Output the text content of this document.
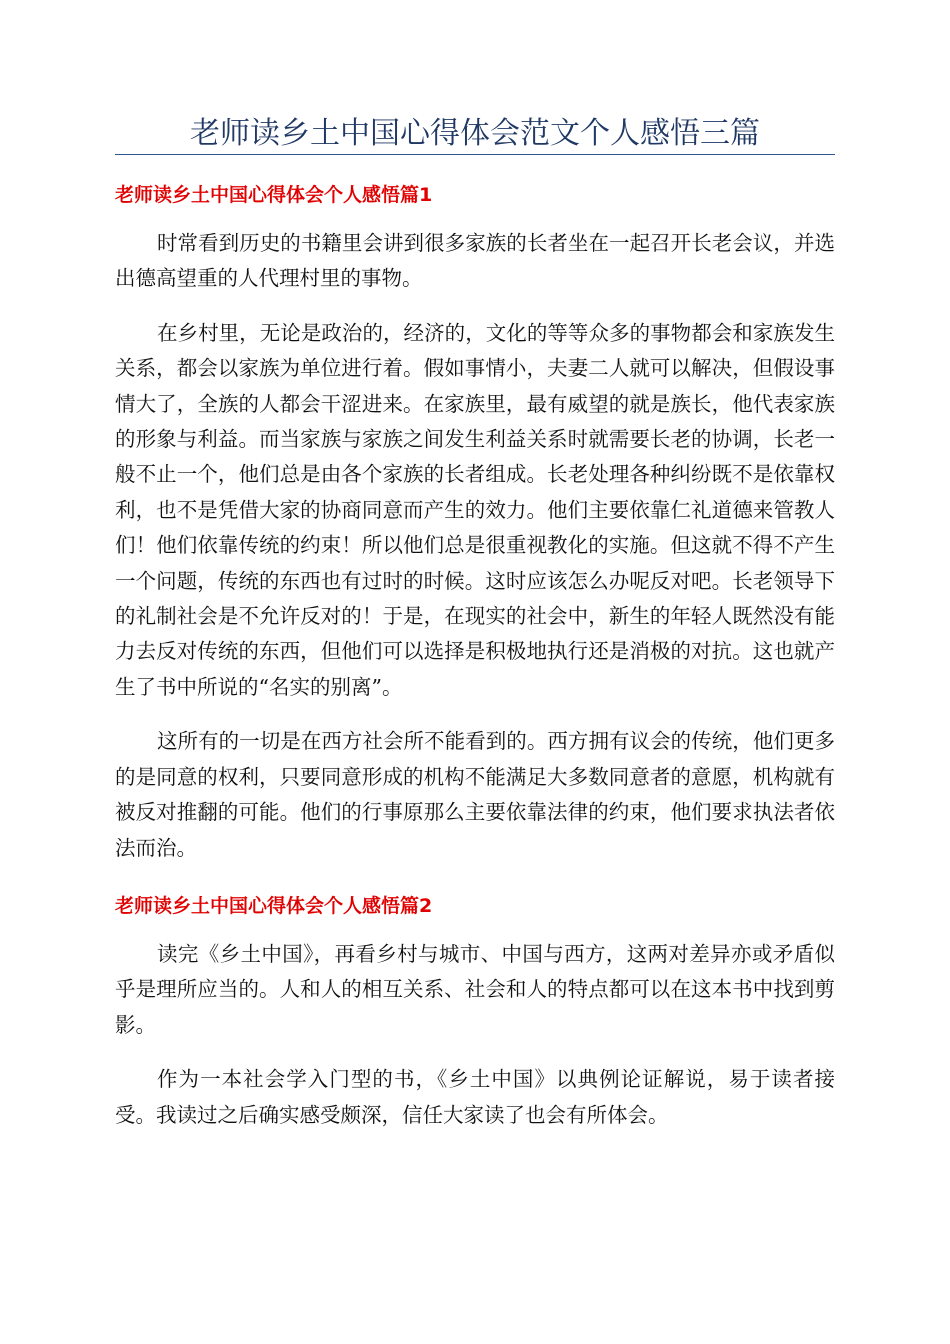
老师读乡土中国心得体会范文个人感悟三篇
老师读乡土中国心得体会个人感悟篇1

时常看到历史的书籍里会讲到很多家族的长者坐在一起召开长老会议，并选出德高望重的人代理村里的事物。

在乡村里，无论是政治的，经济的，文化的等等众多的事物都会和家族发生关系，都会以家族为单位进行着。假如事情小，夫妻二人就可以解决，但假设事情大了，全族的人都会干涩进来。在家族里，最有威望的就是族长，他代表家族的形象与利益。而当家族与家族之间发生利益关系时就需要长老的协调，长老一般不止一个，他们总是由各个家族的长者组成。长老处理各种纠纷既不是依靠权利，也不是凭借大家的协商同意而产生的效力。他们主要依靠仁礼道德来管教人们！他们依靠传统的约束！所以他们总是很重视教化的实施。但这就不得不产生一个问题，传统的东西也有过时的时候。这时应该怎么办呢反对吧。长老领导下的礼制社会是不允许反对的！于是，在现实的社会中，新生的年轻人既然没有能力去反对传统的东西，但他们可以选择是积极地执行还是消极的对抗。这也就产生了书中所说的“名实的别离”。

这所有的一切是在西方社会所不能看到的。西方拥有议会的传统，他们更多的是同意的权利，只要同意形成的机构不能满足大多数同意者的意愿，机构就有被反对推翻的可能。他们的行事原那么主要依靠法律的约束，他们要求执法者依法而治。

老师读乡土中国心得体会个人感悟篇2

读完《乡土中国》，再看乡村与城市、中国与西方，这两对差异亦或矛盾似乎是理所应当的。人和人的相互关系、社会和人的特点都可以在这本书中找到剪影。

作为一本社会学入门型的书，《乡土中国》以典例论证解说，易于读者接受。我读过之后确实感受颇深，信任大家读了也会有所体会。
